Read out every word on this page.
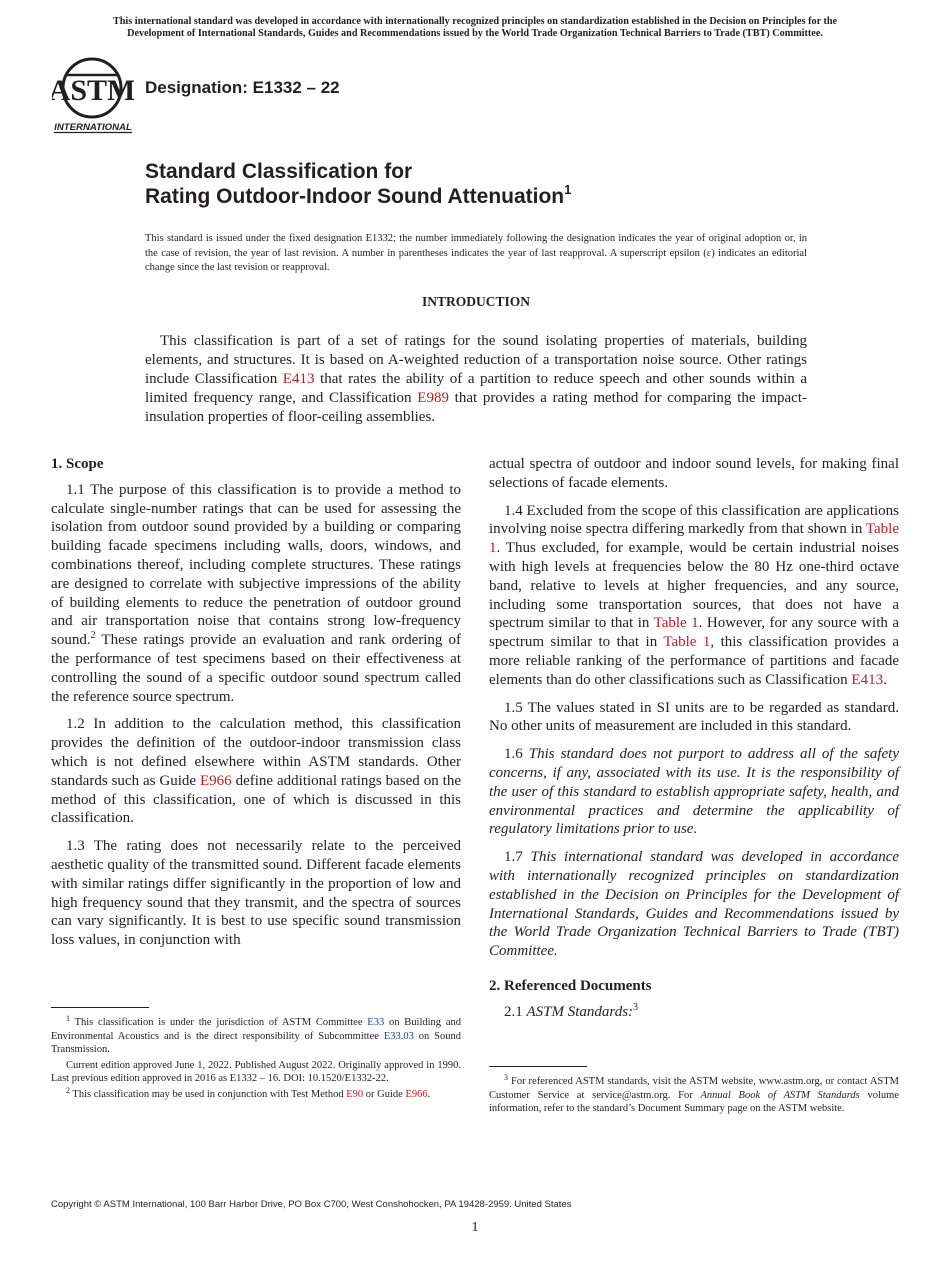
This international standard was developed in accordance with internationally recognized principles on standardization established in the Decision on Principles for the
Development of International Standards, Guides and Recommendations issued by the World Trade Organization Technical Barriers to Trade (TBT) Committee.
ASTM
INTERNATIONAL
Designation: E1332 – 22
Standard Classification for
Rating Outdoor-Indoor Sound Attenuation$^1$
This standard is issued under the fixed designation E1332; the number immediately following the designation indicates the year of original adoption or, in the case of revision, the year of last revision. A number in parentheses indicates the year of last reapproval. A superscript epsilon (ε) indicates an editorial change since the last revision or reapproval.
INTRODUCTION
This classification is part of a set of ratings for the sound isolating properties of materials, building elements, and structures. It is based on A-weighted reduction of a transportation noise source. Other ratings include Classification E413 that rates the ability of a partition to reduce speech and other sounds within a limited frequency range, and Classification E989 that provides a rating method for comparing the impact-insulation properties of floor-ceiling assemblies.

1. Scope

1.1 The purpose of this classification is to provide a method to calculate single-number ratings that can be used for assessing the isolation from outdoor sound provided by a building or comparing building facade specimens including walls, doors, windows, and combinations thereof, including complete structures. These ratings are designed to correlate with subjective impressions of the ability of building elements to reduce the penetration of outdoor ground and air transportation noise that contains strong low-frequency sound.$^2$ These ratings provide an evaluation and rank ordering of the performance of test specimens based on their effectiveness at controlling the sound of a specific outdoor sound spectrum called the reference source spectrum.

1.2 In addition to the calculation method, this classification provides the definition of the outdoor-indoor transmission class which is not defined elsewhere within ASTM standards. Other standards such as Guide E966 define additional ratings based on the method of this classification, one of which is discussed in this classification.

1.3 The rating does not necessarily relate to the perceived aesthetic quality of the transmitted sound. Different facade elements with similar ratings differ significantly in the proportion of low and high frequency sound that they transmit, and the spectra of sources can vary significantly. It is best to use specific sound transmission loss values, in conjunction with

actual spectra of outdoor and indoor sound levels, for making final selections of facade elements.

1.4 Excluded from the scope of this classification are applications involving noise spectra differing markedly from that shown in Table 1. Thus excluded, for example, would be certain industrial noises with high levels at frequencies below the 80 Hz one-third octave band, relative to levels at higher frequencies, and any source, including some transportation sources, that does not have a spectrum similar to that in Table 1. However, for any source with a spectrum similar to that in Table 1, this classification provides a more reliable ranking of the performance of partitions and facade elements than do other classifications such as Classification E413.

1.5 The values stated in SI units are to be regarded as standard. No other units of measurement are included in this standard.

1.6 This standard does not purport to address all of the safety concerns, if any, associated with its use. It is the responsibility of the user of this standard to establish appropriate safety, health, and environmental practices and determine the applicability of regulatory limitations prior to use.

1.7 This international standard was developed in accordance with internationally recognized principles on standardization established in the Decision on Principles for the Development of International Standards, Guides and Recommendations issued by the World Trade Organization Technical Barriers to Trade (TBT) Committee.

2. Referenced Documents

2.1 ASTM Standards:$^3$

$^1$ This classification is under the jurisdiction of ASTM Committee E33 on Building and Environmental Acoustics and is the direct responsibility of Subcommittee E33.03 on Sound Transmission.

Current edition approved June 1, 2022. Published August 2022. Originally approved in 1990. Last previous edition approved in 2016 as E1332 – 16. DOI: 10.1520/E1332-22.

$^2$ This classification may be used in conjunction with Test Method E90 or Guide E966.

$^3$ For referenced ASTM standards, visit the ASTM website, www.astm.org, or contact ASTM Customer Service at service@astm.org. For Annual Book of ASTM Standards volume information, refer to the standard’s Document Summary page on the ASTM website.

Copyright © ASTM International, 100 Barr Harbor Drive, PO Box C700, West Conshohocken, PA 19428-2959. United States
1
